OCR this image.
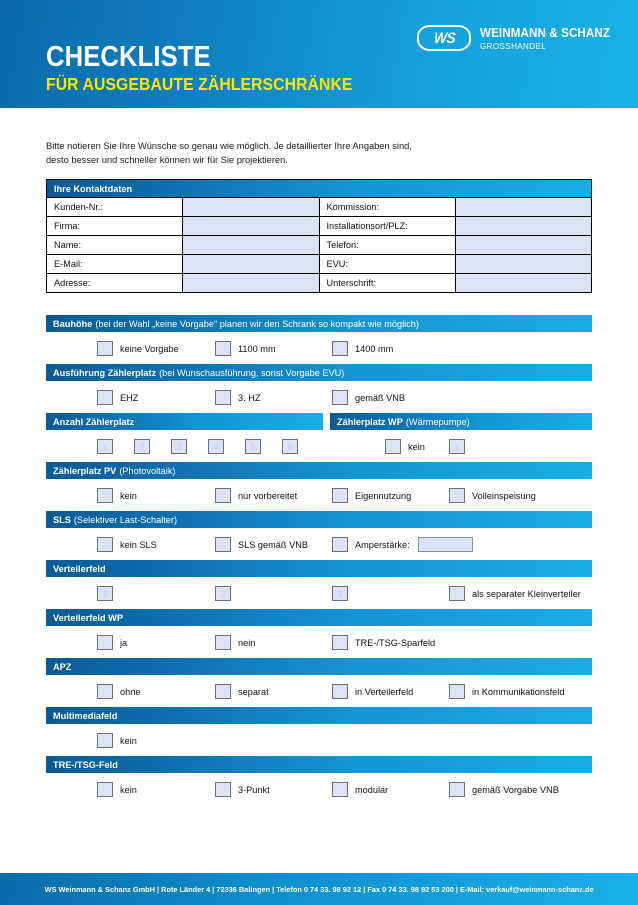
CHECKLISTE
FÜR AUSGEBAUTE ZÄHLERSCHRÄNKE
WS WEINMANN & SCHANZ
GROSSHANDEL
Bitte notieren Sie Ihre Wünsche so genau wie möglich. Je detaillierter Ihre Angaben sind,
desto besser und schneller können wir für Sie projektieren.
Ihre Kontaktdaten			

Kunden-Nr.:		Kommission:	
Firma:		Installationsort/PLZ:	
Name:		Telefon:	
E-Mail:		EVU:	
Adresse:		Unterschrift:	
Bauhöhe (bei der Wahl „keine Vorgabe" planen wir den Schrank so kompakt wie möglich)
keine Vorgabe	1100 mm	1400 mm
Ausführung Zählerplatz (bei Wunschausführung, sonst Vorgabe EVU)
EHZ	3. HZ	gemäß VNB
Anzahl Zählerplatz	Zählerplatz WP (Wärmepumpe)
1	2	3	4	5	6	kein	1
Zählerplatz PV (Photovoltaik)
kein	nur vorbereitet	Eigennutzung	Volleinspeisung
SLS (Selektiver Last-Schalter)
kein SLS	SLS gemäß VNB	Amperstärke:
Verteilerfeld
1	2	3	als separater Kleinverteiler
Verteilerfeld WP
ja	nein	TRE-/TSG-Sparfeld
APZ
ohne	separat	in Verteilerfeld	in Kommunikationsfeld
Multimediafeld
kein
TRE-/TSG-Feld
kein	3-Punkt	modular	gemäß Vorgabe VNB
WS Weinmann & Schanz GmbH | Rote Länder 4 | 72336 Balingen | Telefon 0 74 33. 98 92 12 | Fax 0 74 33. 98 92 53 200 | E-Mail: verkauf@weinmann-schanz.de
